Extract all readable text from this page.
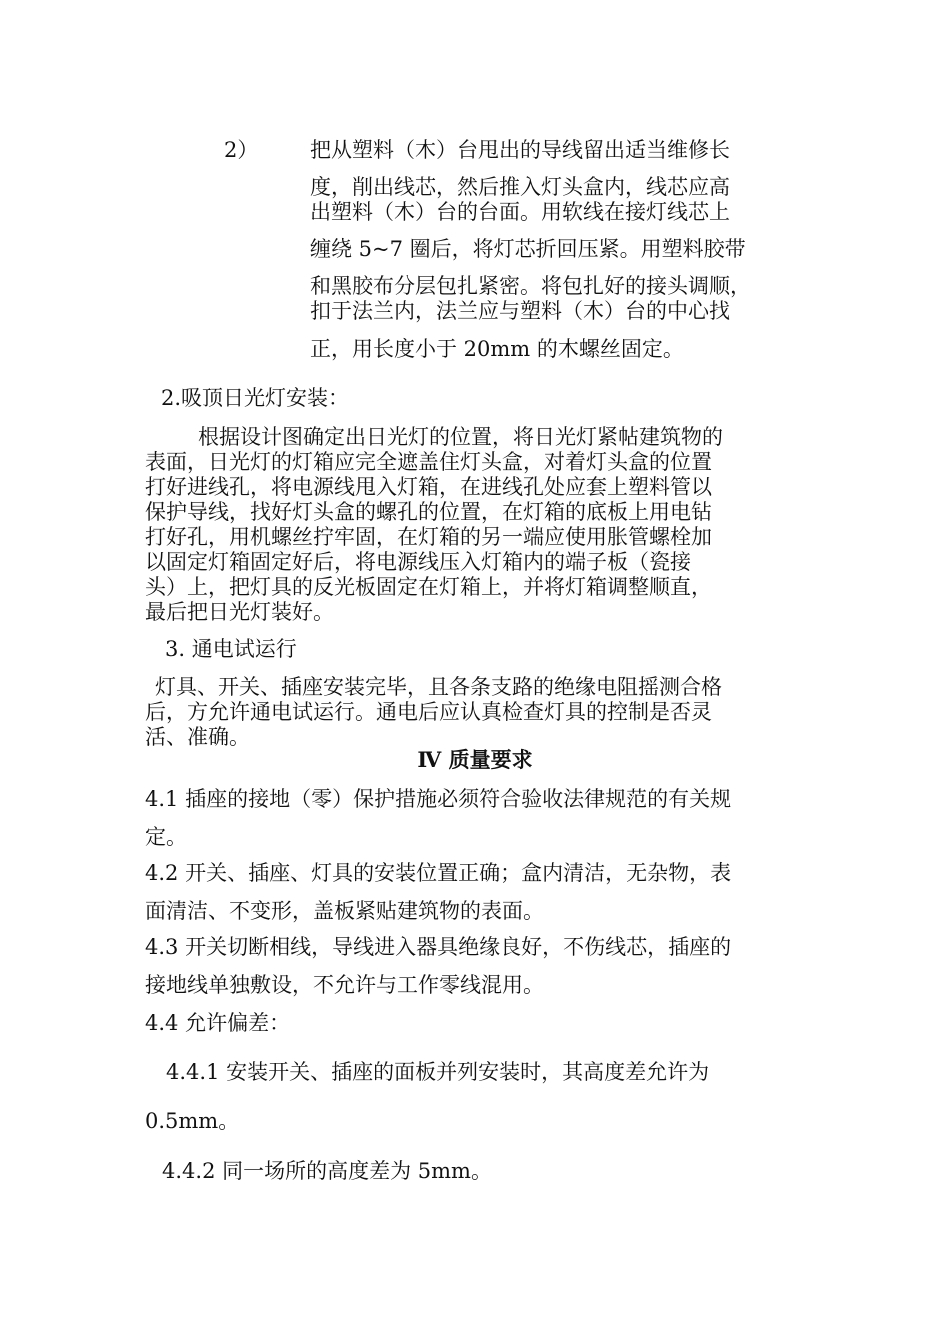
2） 把从塑料（木）台甩出的导线留出适当维修长
度，削出线芯，然后推入灯头盒内，线芯应高
出塑料（木）台的台面。用软线在接灯线芯上
缠绕 5~7 圈后，将灯芯折回压紧。用塑料胶带
和黑胶布分层包扎紧密。将包扎好的接头调顺，
扣于法兰内，法兰应与塑料（木）台的中心找
正，用长度小于 20mm 的木螺丝固定。
2.吸顶日光灯安装：
根据设计图确定出日光灯的位置，将日光灯紧帖建筑物的
表面，日光灯的灯箱应完全遮盖住灯头盒，对着灯头盒的位置
打好进线孔，将电源线甩入灯箱，在进线孔处应套上塑料管以
保护导线，找好灯头盒的螺孔的位置，在灯箱的底板上用电钻
打好孔，用机螺丝拧牢固，在灯箱的另一端应使用胀管螺栓加
以固定灯箱固定好后，将电源线压入灯箱内的端子板（瓷接
头）上，把灯具的反光板固定在灯箱上，并将灯箱调整顺直，
最后把日光灯装好。
3. 通电试运行
灯具、开关、插座安装完毕，且各条支路的绝缘电阻摇测合格
后，方允许通电试运行。通电后应认真检查灯具的控制是否灵
活、准确。
Ⅳ 质量要求
4.1 插座的接地（零）保护措施必须符合验收法律规范的有关规
定。
4.2 开关、插座、灯具的安装位置正确；盒内清洁，无杂物，表
面清洁、不变形，盖板紧贴建筑物的表面。
4.3 开关切断相线，导线进入器具绝缘良好，不伤线芯，插座的
接地线单独敷设，不允许与工作零线混用。
4.4 允许偏差：
4.4.1 安装开关、插座的面板并列安装时，其高度差允许为
0.5mm。
4.4.2 同一场所的高度差为 5mm。
